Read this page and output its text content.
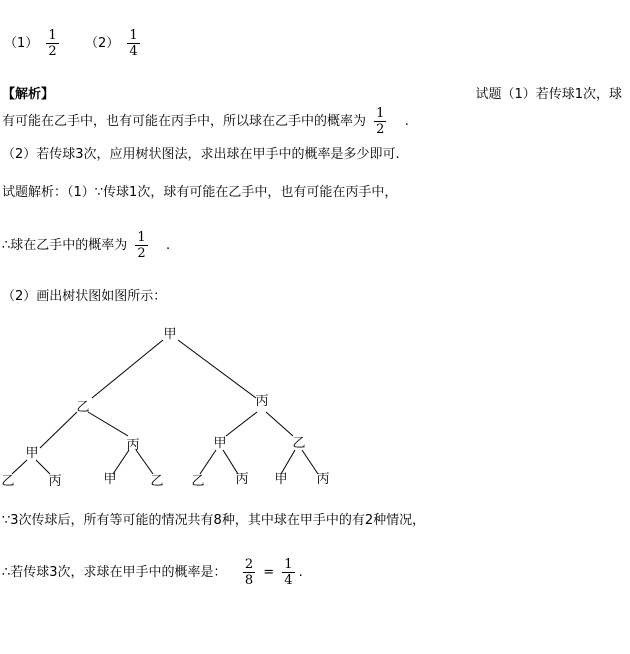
$(1) \frac{1}{2} (2) \frac{1}{4}$
【解析】	试题（1）若传球1次，球
有可能在乙手中，也有可能在丙手中，所以球在乙手中的概率为 $\frac{1}{2}$ .
（2）若传球3次，应用树状图法，求出球在甲手中的概率是多少即可.
试题解析：（1）∵传球1次，球有可能在乙手中，也有可能在丙手中，
∴球在乙手中的概率为 $\frac{1}{2}$ .
（2）画出树状图如图所示：
甲
乙	丙
甲
丙	甲	乙
乙	丙	甲	乙 乙 丙 甲 丙
∵3次传球后，所有等可能的情况共有8种，其中球在甲手中的有2种情况，
∴若传球3次，求球在甲手中的概率是： $\frac{2}{8} = \frac{1}{4}$ .
